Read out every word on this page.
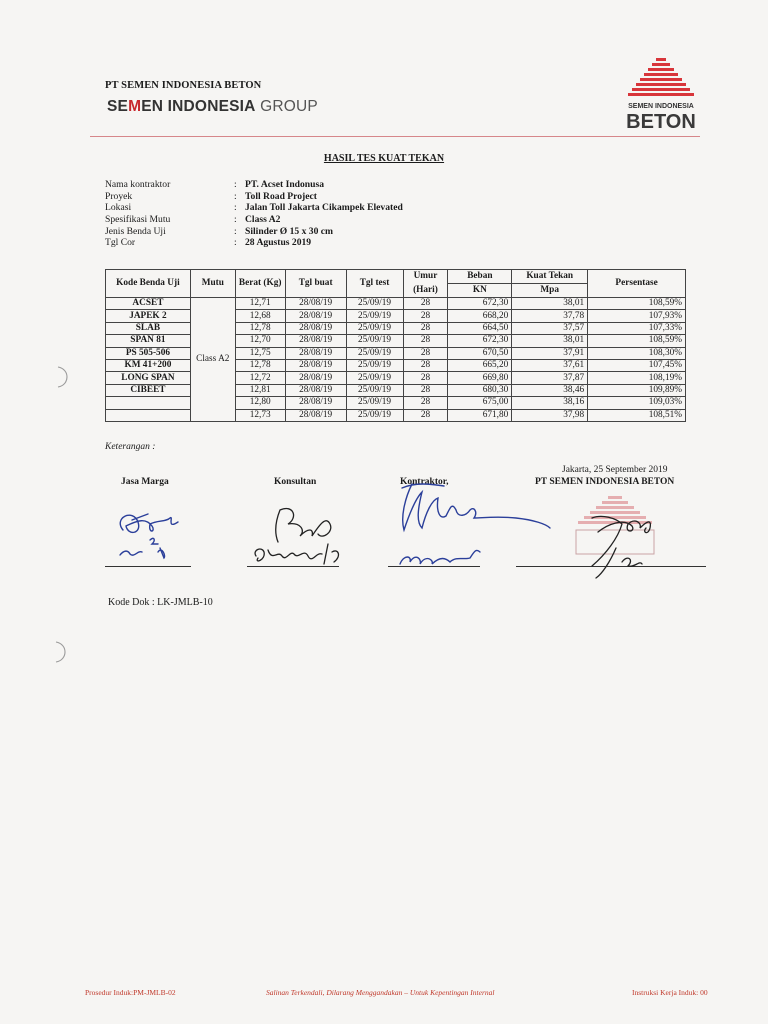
PT SEMEN INDONESIA BETON
SEMEN INDONESIA GROUP	SEMEN INDONESIA
BETON
HASIL TES KUAT TEKAN
Nama kontraktor	: PT. Acset Indonusa
Proyek	: Toll Road Project
Lokasi	: Jalan Toll Jakarta Cikampek Elevated
Spesifikasi Mutu	: Class A2
Jenis Benda Uji	: Silinder Ø 15 x 30 cm
Tgl Cor	: 28 Agustus 2019
Kode Benda Uji	Mutu	Berat (Kg)	Tgl buat	Tgl test	Umur	Beban	Kuat Tekan	Persentase
					(Hari)	KN	Mpa	
ACSET	Class A2	12,71	28/08/19	25/09/19	28	672,30	38,01	108,59%
JAPEK 2		12,68	28/08/19	25/09/19	28	668,20	37,78	107,93%
SLAB		12,78	28/08/19	25/09/19	28	664,50	37,57	107,33%
SPAN 81		12,70	28/08/19	25/09/19	28	672,30	38,01	108,59%
PS 505-506		12,75	28/08/19	25/09/19	28	670,50	37,91	108,30%
KM 41+200		12,78	28/08/19	25/09/19	28	665,20	37,61	107,45%
LONG SPAN		12,72	28/08/19	25/09/19	28	669,80	37,87	108,19%
CIBEET		12,81	28/08/19	25/09/19	28	680,30	38,46	109,89%
		12,80	28/08/19	25/09/19	28	675,00	38,16	109,03%
		12,73	28/08/19	25/09/19	28	671,80	37,98	108,51%
Keterangan :
Jakarta, 25 September 2019
Jasa Marga	Konsultan	Kontraktor,	PT SEMEN INDONESIA BETON
Kode Dok : LK-JMLB-10
Prosedur Induk:PM-JMLB-02	Salinan Terkendali, Dilarang Menggandakan – Untuk Kepentingan Internal	Instruksi Kerja Induk: 00
